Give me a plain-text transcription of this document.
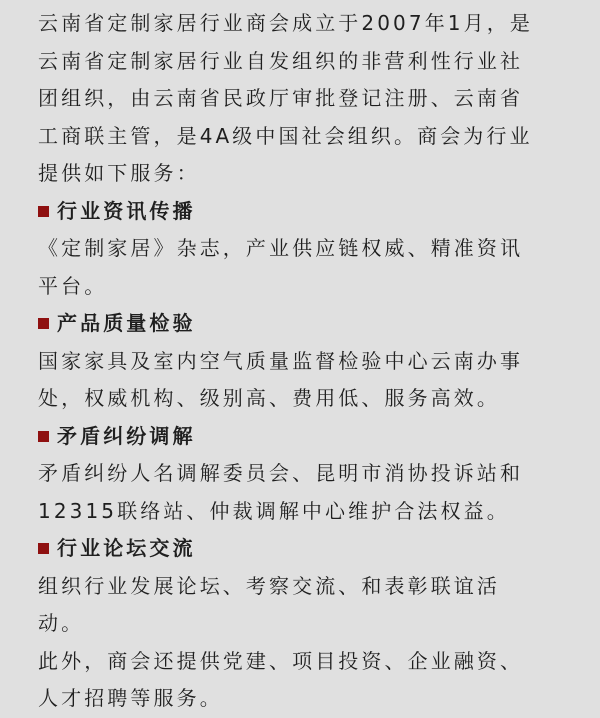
云南省定制家居行业商会成立于2007年1月，是

云南省定制家居行业自发组织的非营利性行业社

团组织，由云南省民政厅审批登记注册、云南省

工商联主管，是4A级中国社会组织。商会为行业

提供如下服务：

行业资讯传播

《定制家居》杂志，产业供应链权威、精准资讯

平台。

产品质量检验

国家家具及室内空气质量监督检验中心云南办事

处，权威机构、级别高、费用低、服务高效。

矛盾纠纷调解

矛盾纠纷人名调解委员会、昆明市消协投诉站和

12315联络站、仲裁调解中心维护合法权益。

行业论坛交流

组织行业发展论坛、考察交流、和表彰联谊活

动。

此外，商会还提供党建、项目投资、企业融资、

人才招聘等服务。
